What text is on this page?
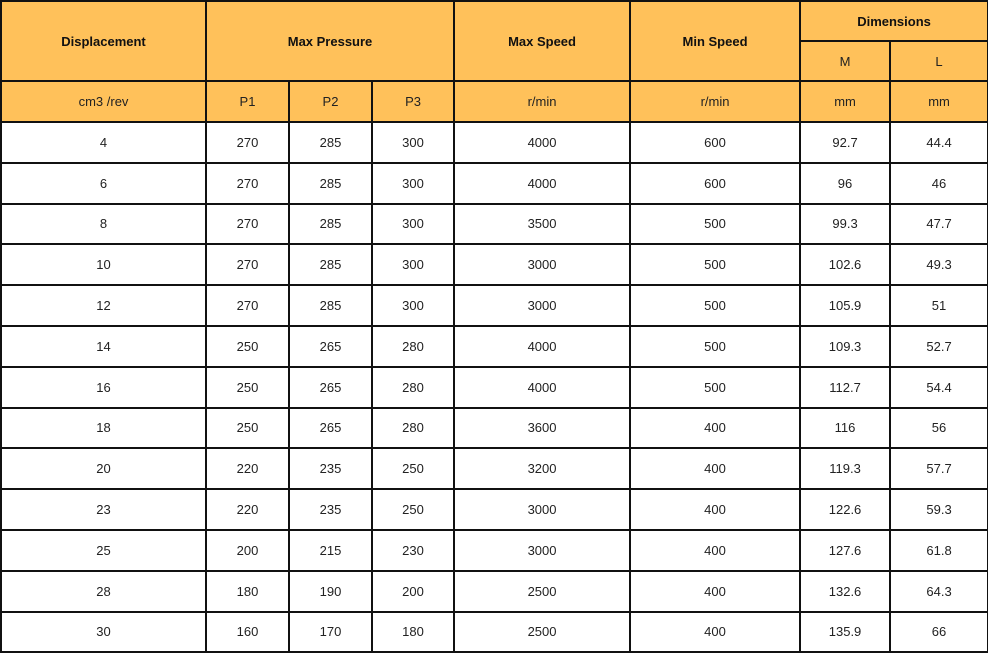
Displacement	Max Pressure			Max Speed	Min Speed	Dimensions	
						M	L
cm3 /rev	P1	P2	P3	r/min	r/min	mm	mm
4	270	285	300	4000	600	92.7	44.4
6	270	285	300	4000	600	96	46
8	270	285	300	3500	500	99.3	47.7
10	270	285	300	3000	500	102.6	49.3
12	270	285	300	3000	500	105.9	51
14	250	265	280	4000	500	109.3	52.7
16	250	265	280	4000	500	112.7	54.4
18	250	265	280	3600	400	116	56
20	220	235	250	3200	400	119.3	57.7
23	220	235	250	3000	400	122.6	59.3
25	200	215	230	3000	400	127.6	61.8
28	180	190	200	2500	400	132.6	64.3
30	160	170	180	2500	400	135.9	66
